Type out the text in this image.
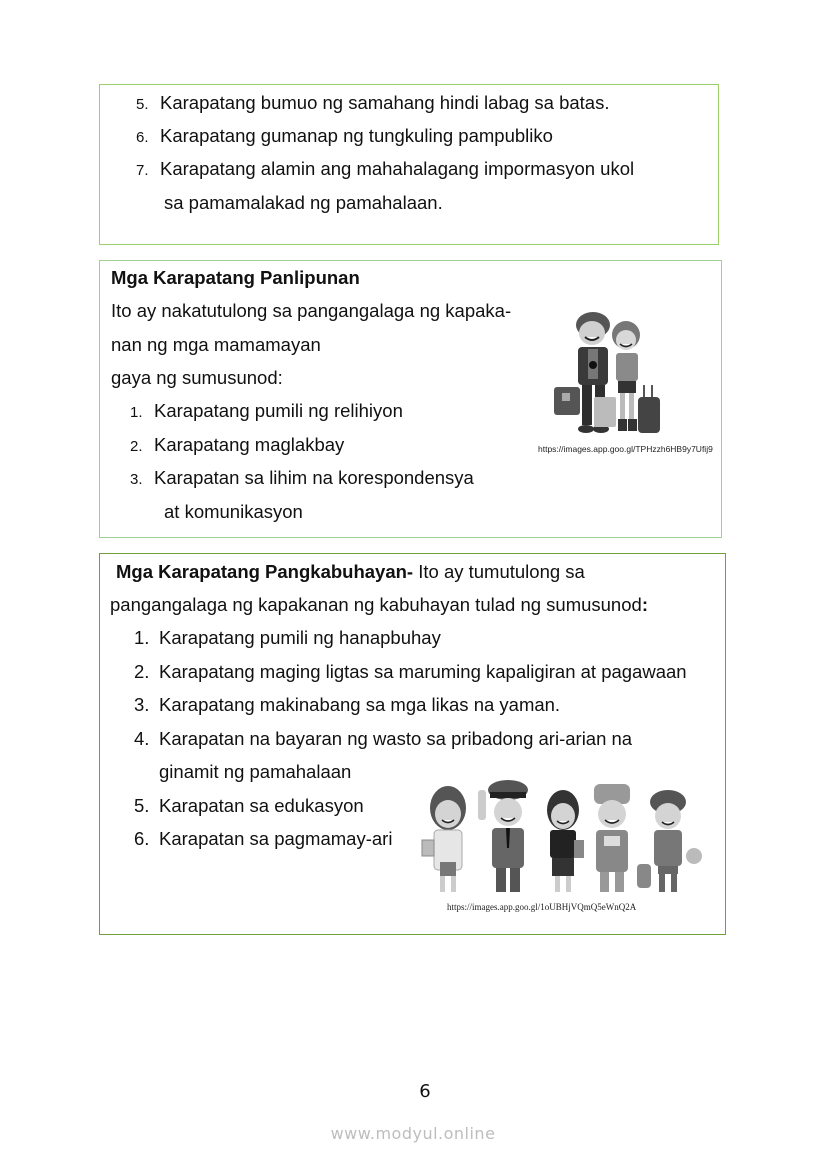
5. Karapatang bumuo ng samahang hindi labag sa batas.
6. Karapatang gumanap ng tungkuling pampubliko
7. Karapatang alamin ang mahahalagang impormasyon ukol
sa pamamalakad ng pamahalaan.
Mga Karapatang Panlipunan
Ito ay nakatutulong sa pangangalaga ng kapaka-
nan ng mga mamamayan
gaya ng sumusunod:
1. Karapatang pumili ng relihiyon
2. Karapatang maglakbay
3. Karapatan sa lihim na korespondensya
at komunikasyon
https://images.app.goo.gl/TPHzzh6HB9y7Ufij9
Mga Karapatang Pangkabuhayan- Ito ay tumutulong sa
pangangalaga ng kapakanan ng kabuhayan tulad ng sumusunod:
1. Karapatang pumili ng hanapbuhay
2. Karapatang maging ligtas sa maruming kapaligiran at pagawaan
3. Karapatang makinabang sa mga likas na yaman.
4. Karapatan na bayaran ng wasto sa pribadong ari-arian na
ginamit ng pamahalaan
5. Karapatan sa edukasyon
6. Karapatan sa pagmamay-ari
https://images.app.goo.gl/1oUBHjVQmQ5eWnQ2A
6
www.modyul.online
